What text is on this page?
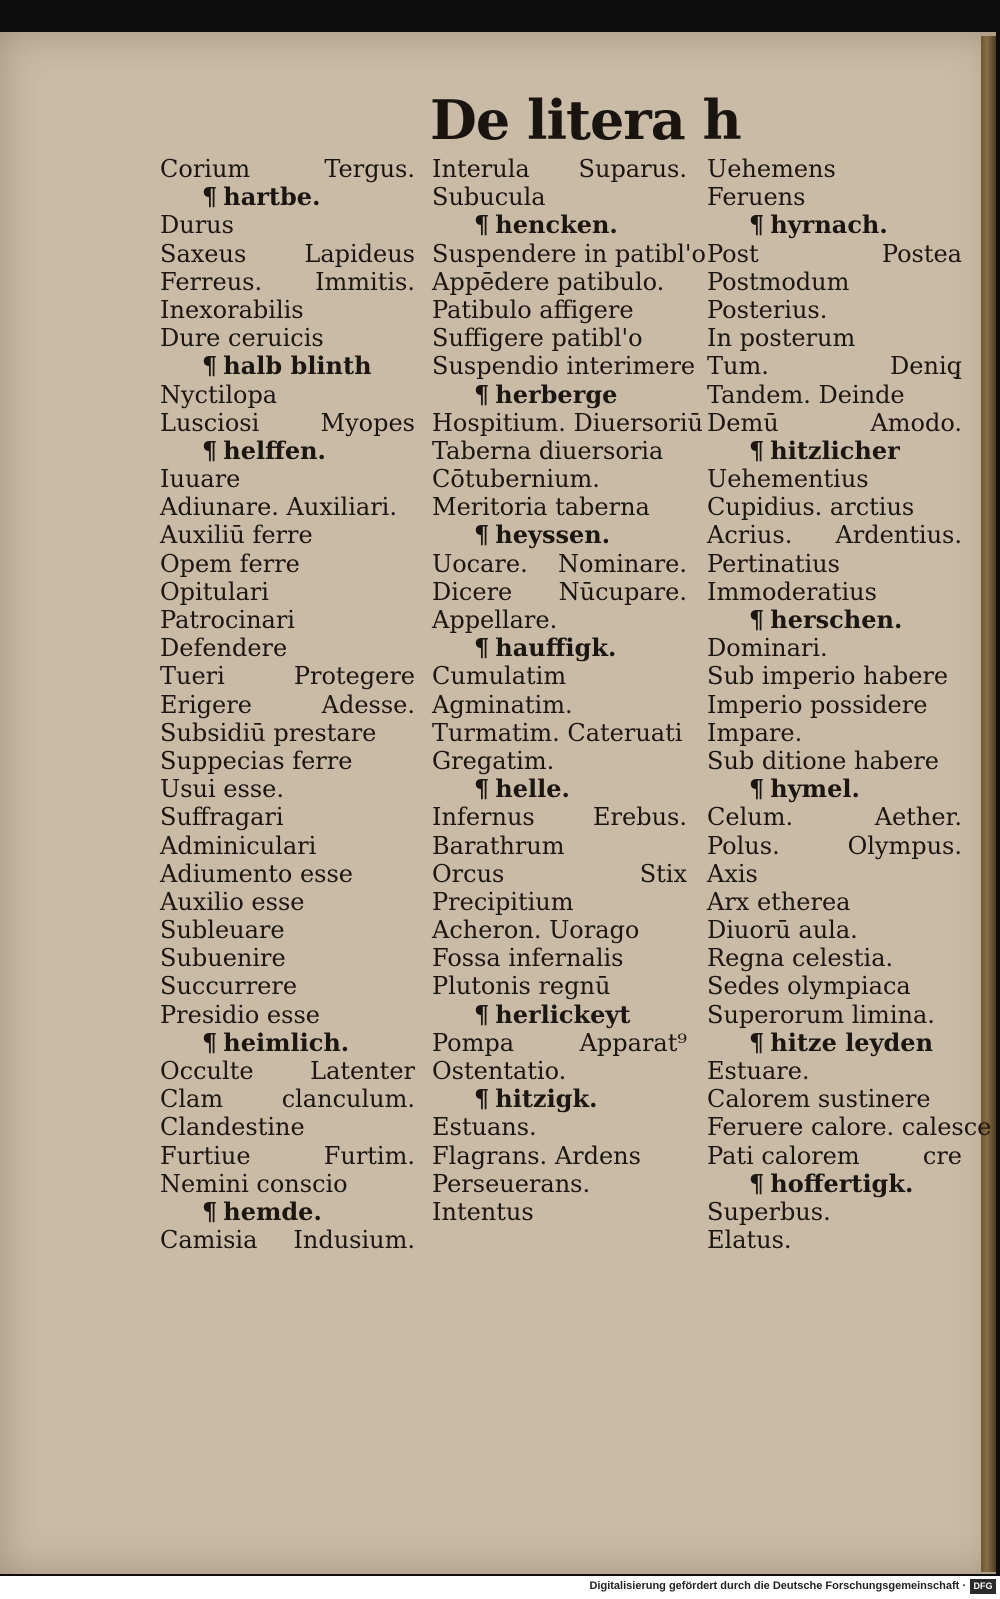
De litera h
Corium	Tergus.
¶ hartbe.
Durus
Saxeus Lapideus
Ferreus. Immitis.
Inexorabilis
Dure ceruicis
¶ halb blinth
Nyctilopa
Lusciosi	Myopes
¶ helffen.
Iuuare
Adiunare. Auxiliari.
Auxiliū ferre
Opem ferre
Opitulari
Patrocinari
Defendere
Tueri	Protegere
Erigere	Adesse.
Subsidiū prestare
Suppecias ferre
Usui esse.
Suffragari
Adminiculari
Adiumento esse
Auxilio esse
Subleuare
Subuenire
Succurrere
Presidio esse
¶ heimlich.
Occulte Latenter
Clam clanculum.
Clandestine
Furtiue	Furtim.
Nemini conscio
¶ hemde.
Camisia Indusium.
Interula Suparus.
Subucula
¶ hencken.
Suspendere in patibl'o
Appēdere patibulo.
Patibulo affigere
Suffigere patibl'o
Suspendio interimere
¶ herberge
Hospitium. Diuersoriū
Taberna diuersoria
Cōtubernium.
Meritoria taberna
¶ heyssen.
Uocare. Nominare.
Dicere Nūcupare.
Appellare.
¶ hauffigk.
Cumulatim
Agminatim.
Turmatim. Cateruati
Gregatim.
¶ helle.
Infernus Erebus.
Barathrum
Orcus	Stix
Precipitium
Acheron. Uorago
Fossa infernalis
Plutonis regnū
¶ herlickeyt
Pompa	Apparat⁹
Ostentatio.
¶ hitzigk.
Estuans.
Flagrans. Ardens
Perseuerans.
Intentus
Uehemens
Feruens
¶ hyrnach.
Post	Postea
Postmodum
Posterius.
In posterum
Tum.	Deniq̧
Tandem. Deinde
Demū	Amodo.
¶ hitzlicher
Uehementius
Cupidius. arctius
Acrius. Ardentius.
Pertinatius
Immoderatius
¶ herschen.
Dominari.
Sub imperio habere
Imperio possidere
Impare.
Sub ditione habere
¶ hymel.
Celum.	Aether.
Polus.	Olympus.
Axis
Arx etherea
Diuorū aula.
Regna celestia.
Sedes olympiaca
Superorum limina.
¶ hitze leyden
Estuare.
Calorem sustinere
Feruere calore. calesce
Pati calorem	cre
¶ hoffertigk.
Superbus.
Elatus.
Digitalisierung gefördert durch die Deutsche Forschungsgemeinschaft · DFG
